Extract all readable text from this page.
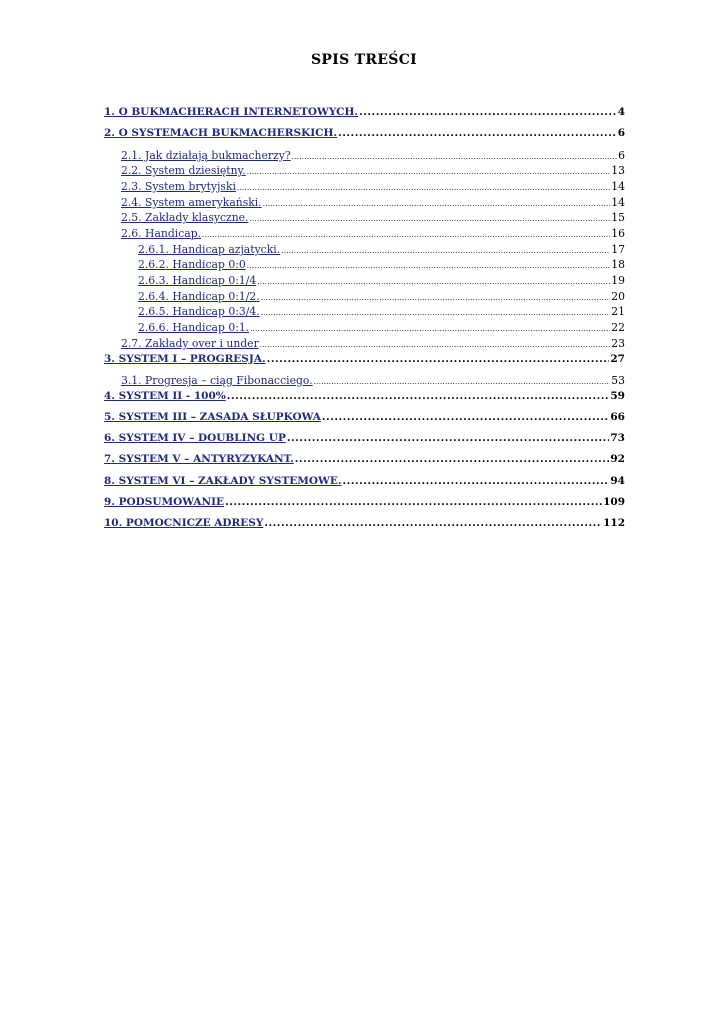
SPIS TREŚCI
1. O BUKMACHERACH INTERNETOWYCH. .....	4
2. O SYSTEMACH BUKMACHERSKICH. .....	6
2.1. Jak działają bukmacherzy? .....	6
2.2. System dziesiętny. .....	13
2.3. System brytyjski .....	14
2.4. System amerykański. .....	14
2.5. Zakłady klasyczne. .....	15
2.6. Handicap. .....	16
2.6.1. Handicap azjatycki. .....	17
2.6.2. Handicap 0:0 .....	18
2.6.3. Handicap 0:1/4 .....	19
2.6.4. Handicap 0:1/2. .....	20
2.6.5. Handicap 0:3/4. .....	21
2.6.6. Handicap 0:1. .....	22
2.7. Zakłady over i under .....	23
3. SYSTEM I – PROGRESJA. .....	27
3.1. Progresja – ciąg Fibonacciego. .....	53
4. SYSTEM II - 100% .....	59
5. SYSTEM III – ZASADA SŁUPKOWA .....	66
6. SYSTEM IV – DOUBLING UP .....	73
7. SYSTEM V – ANTYRYZYKANT. .....	92
8. SYSTEM VI – ZAKŁADY SYSTEMOWE. .....	94
9. PODSUMOWANIE .....	109
10. POMOCNICZE ADRESY .....	112
